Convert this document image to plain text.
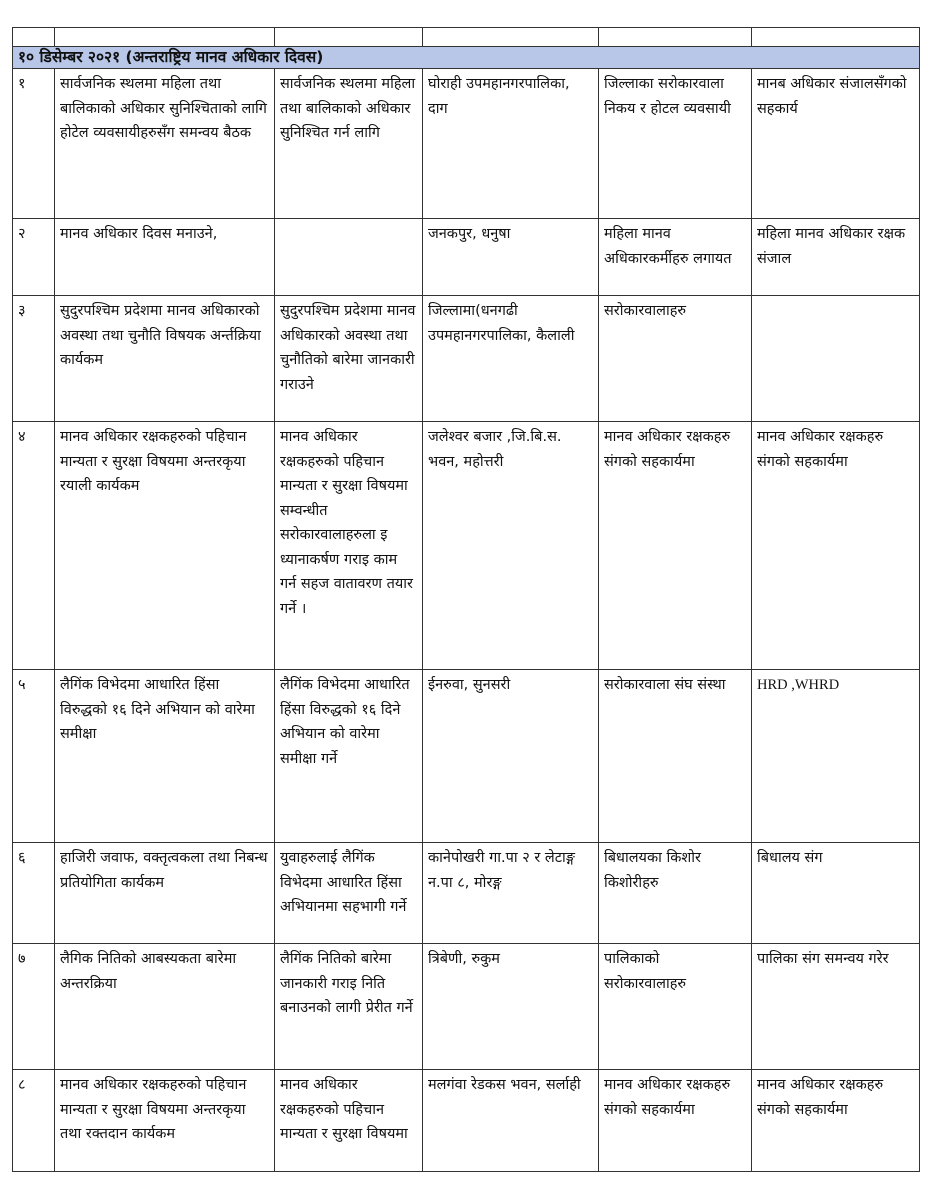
१० डिसेम्बर २०२१ (अन्तराष्ट्रिय मानव अधिकार दिवस)					
१	सार्वजनिक स्थलमा महिला तथा बालिकाको अधिकार सुनिश्चिताको लागि होटेल व्यवसायीहरुसँग समन्वय बैठक	सार्वजनिक स्थलमा महिला तथा बालिकाको अधिकार सुनिश्चित गर्न लागि	घोराही उपमहानगरपालिका, दाग	जिल्लाका सरोकारवाला निकय र होटल व्यवसायी	मानब अधिकार संजालसँगको सहकार्य
२	मानव अधिकार दिवस मनाउने,		जनकपुर, धनुषा	महिला मानव अधिकारकर्मीहरु लगायत	महिला मानव अधिकार रक्षक संजाल
३	सुदुरपश्चिम प्रदेशमा मानव अधिकारको अवस्था तथा चुनौति विषयक अर्न्तक्रिया कार्यकम	सुदुरपश्चिम प्रदेशमा मानव अधिकारको अवस्था तथा चुनौतिको बारेमा जानकारी गराउने	जिल्लामा(धनगढी उपमहानगरपालिका, कैलाली	सरोकारवालाहरु	
४	मानव अधिकार रक्षकहरुको पहिचान मान्यता र सुरक्षा विषयमा अन्तरकृया रयाली कार्यकम	मानव अधिकार रक्षकहरुको पहिचान मान्यता र सुरक्षा विषयमा सम्वन्धीत सरोकारवालाहरुला इ ध्यानाकर्षण गराइ काम गर्न सहज वातावरण तयार गर्ने ।	जलेश्वर बजार ,जि.बि.स. भवन, महोत्तरी	मानव अधिकार रक्षकहरु संगको सहकार्यमा	मानव अधिकार रक्षकहरु संगको सहकार्यमा
५	लैगिंक विभेदमा आधारित हिंसा विरुद्धको १६ दिने अभियान को वारेमा समीक्षा	लैगिंक विभेदमा आधारित हिंसा विरुद्धको १६ दिने अभियान को वारेमा समीक्षा गर्ने	ईनरुवा, सुनसरी	सरोकारवाला संघ संस्था	HRD ,WHRD
६	हाजिरी जवाफ, वक्तृत्वकला तथा निबन्ध प्रतियोगिता कार्यकम	युवाहरुलाई लैगिंक विभेदमा आधारित हिंसा अभियानमा सहभागी गर्ने	कानेपोखरी गा.पा २ र लेटाङ्ग न.पा ८, मोरङ्ग	बिधालयका किशोर किशोरीहरु	बिधालय संग
७	लैगिक नितिको आबस्यकता बारेमा अन्तरक्रिया	लैगिंक नितिको बारेमा जानकारी गराइ निति बनाउनको लागी प्रेरीत गर्ने	त्रिबेणी, रुकुम	पालिकाको सरोकारवालाहरु	पालिका संग समन्वय गरेर
८	मानव अधिकार रक्षकहरुको पहिचान मान्यता र सुरक्षा विषयमा अन्तरकृया तथा रक्तदान कार्यकम	मानव अधिकार रक्षकहरुको पहिचान मान्यता र सुरक्षा विषयमा	मलगंवा रेडकस भवन, सर्लाही	मानव अधिकार रक्षकहरु संगको सहकार्यमा	मानव अधिकार रक्षकहरु संगको सहकार्यमा
